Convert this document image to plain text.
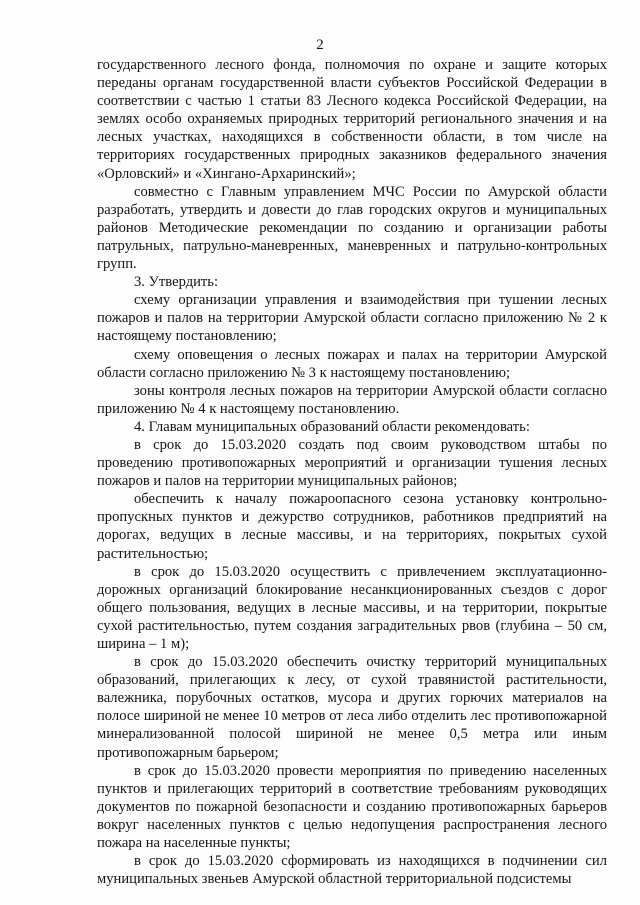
2

государственного лесного фонда, полномочия по охране и защите которых переданы органам государственной власти субъектов Российской Федерации в соответствии с частью 1 статьи 83 Лесного кодекса Российской Федерации, на землях особо охраняемых природных территорий регионального значения и на лесных участках, находящихся в собственности области, в том числе на территориях государственных природных заказников федерального значения «Орловский» и «Хингано-Архаринский»;

совместно с Главным управлением МЧС России по Амурской области разработать, утвердить и довести до глав городских округов и муниципальных районов Методические рекомендации по созданию и организации работы патрульных, патрульно-маневренных, маневренных и патрульно-контрольных групп.

3. Утвердить:

схему организации управления и взаимодействия при тушении лесных пожаров и палов на территории Амурской области согласно приложению № 2 к настоящему постановлению;

схему оповещения о лесных пожарах и палах на территории Амурской области согласно приложению № 3 к настоящему постановлению;

зоны контроля лесных пожаров на территории Амурской области согласно приложению № 4 к настоящему постановлению.

4. Главам муниципальных образований области рекомендовать:

в срок до 15.03.2020 создать под своим руководством штабы по проведению противопожарных мероприятий и организации тушения лесных пожаров и палов на территории муниципальных районов;

обеспечить к началу пожароопасного сезона установку контрольно-пропускных пунктов и дежурство сотрудников, работников предприятий на дорогах, ведущих в лесные массивы, и на территориях, покрытых сухой растительностью;

в срок до 15.03.2020 осуществить с привлечением эксплуатационно-дорожных организаций блокирование несанкционированных съездов с дорог общего пользования, ведущих в лесные массивы, и на территории, покрытые сухой растительностью, путем создания заградительных рвов (глубина – 50 см, ширина – 1 м);

в срок до 15.03.2020 обеспечить очистку территорий муниципальных образований, прилегающих к лесу, от сухой травянистой растительности, валежника, порубочных остатков, мусора и других горючих материалов на полосе шириной не менее 10 метров от леса либо отделить лес противопожарной минерализованной полосой шириной не менее 0,5 метра или иным противопожарным барьером;

в срок до 15.03.2020 провести мероприятия по приведению населенных пунктов и прилегающих территорий в соответствие требованиям руководящих документов по пожарной безопасности и созданию противопожарных барьеров вокруг населенных пунктов с целью недопущения распространения лесного пожара на населенные пункты;

в срок до 15.03.2020 сформировать из находящихся в подчинении сил муниципальных звеньев Амурской областной территориальной подсистемы
